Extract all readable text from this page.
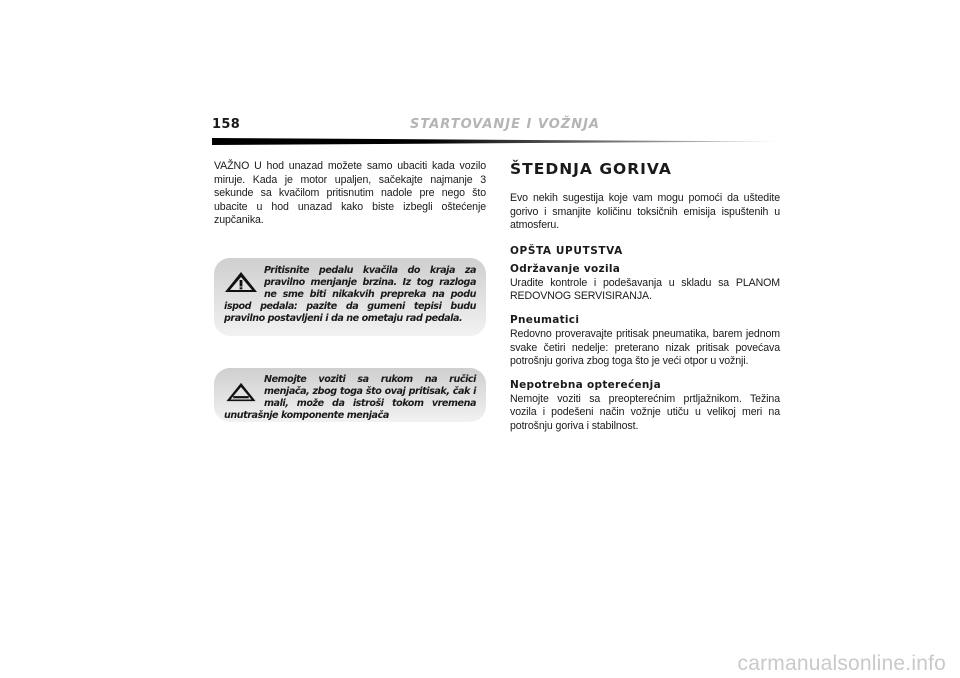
158	STARTOVANJE I VOŽNJA

VAŽNO U hod unazad možete samo ubaciti kada vozilo miruje. Kada je motor upaljen, sačekajte najmanje 3 sekunde sa kvačilom pritisnutim nadole pre nego što ubacite u hod unazad kako biste izbegli oštećenje zupčanika.

Pritisnite pedalu kvačila do kraja za pravilno menjanje brzina. Iz tog razloga ne sme biti nikakvih prepreka na podu ispod pedala: pazite da gumeni tepisi budu pravilno postavljeni i da ne ometaju rad pedala.

Nemojte voziti sa rukom na ručici menjača, zbog toga što ovaj pritisak, čak i mali, može da istroši tokom vremena unutrašnje komponente menjača

ŠTEDNJA GORIVA

Evo nekih sugestija koje vam mogu pomoći da uštedite gorivo i smanjite količinu toksičnih emisija ispuštenih u atmosferu.

OPŠTA UPUTSTVA
Održavanje vozila

Uradite kontrole i podešavanja u skladu sa PLANOM REDOVNOG SERVISIRANJA.

Pneumatici

Redovno proveravajte pritisak pneumatika, barem jednom svake četiri nedelje: preterano nizak pritisak povećava potrošnju goriva zbog toga što je veći otpor u vožnji.

Nepotrebna opterećenja

Nemojte voziti sa preopterećnim prtljažnikom. Težina vozila i podešeni način vožnje utiču u velikoj meri na potrošnju goriva i stabilnost.

carmanualsonline.info
